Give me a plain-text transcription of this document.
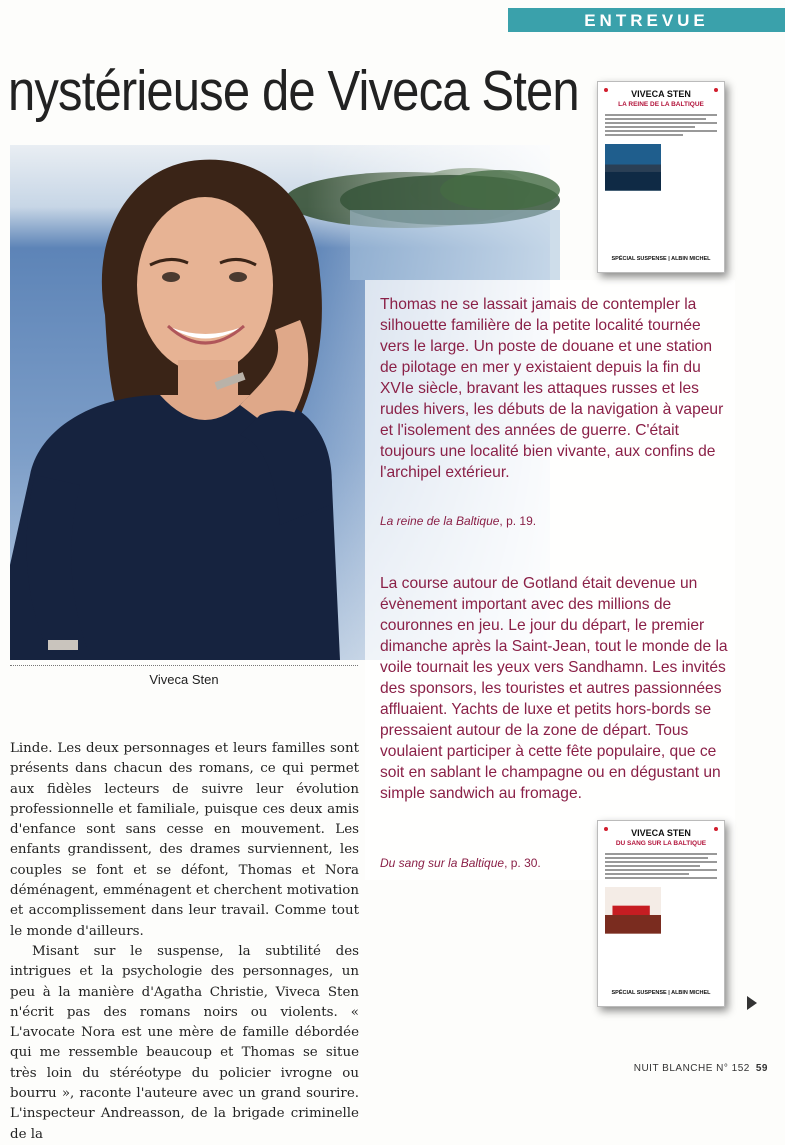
ENTREVUE
nystérieuse de Viveca Sten
Viveca Sten
Thomas ne se lassait jamais de contempler la silhouette familière de la petite localité tournée vers le large. Un poste de douane et une station de pilotage en mer y existaient depuis la fin du XVIe siècle, bravant les attaques russes et les rudes hivers, les débuts de la navigation à vapeur et l'isolement des années de guerre. C'était toujours une localité bien vivante, aux confins de l'archipel extérieur.
La reine de la Baltique, p. 19.
La course autour de Gotland était devenue un évènement important avec des millions de couronnes en jeu. Le jour du départ, le premier dimanche après la Saint-Jean, tout le monde de la voile tournait les yeux vers Sandhamn. Les invités des sponsors, les touristes et autres passionnées affluaient. Yachts de luxe et petits hors-bords se pressaient autour de la zone de départ. Tous voulaient participer à cette fête populaire, que ce soit en sablant le champagne ou en dégustant un simple sandwich au fromage.
Du sang sur la Baltique, p. 30.
VIVECA STEN
LA REINE DE LA BALTIQUE
SPÉCIAL SUSPENSE | ALBIN MICHEL
VIVECA STEN
DU SANG SUR LA BALTIQUE
SPÉCIAL SUSPENSE | ALBIN MICHEL

Linde. Les deux personnages et leurs familles sont présents dans chacun des romans, ce qui permet aux fidèles lecteurs de suivre leur évolution professionnelle et familiale, puisque ces deux amis d'enfance sont sans cesse en mouvement. Les enfants grandissent, des drames surviennent, les couples se font et se défont, Thomas et Nora déménagent, emménagent et cherchent motivation et accomplissement dans leur travail. Comme tout le monde d'ailleurs.

Misant sur le suspense, la subtilité des intrigues et la psychologie des personnages, un peu à la manière d'Agatha Christie, Viveca Sten n'écrit pas des romans noirs ou violents. « L'avocate Nora est une mère de famille débordée qui me ressemble beaucoup et Thomas se situe très loin du stéréotype du policier ivrogne ou bourru », raconte l'auteure avec un grand sourire. L'inspecteur Andreasson, de la brigade criminelle de la

NUIT BLANCHE N° 152 59
